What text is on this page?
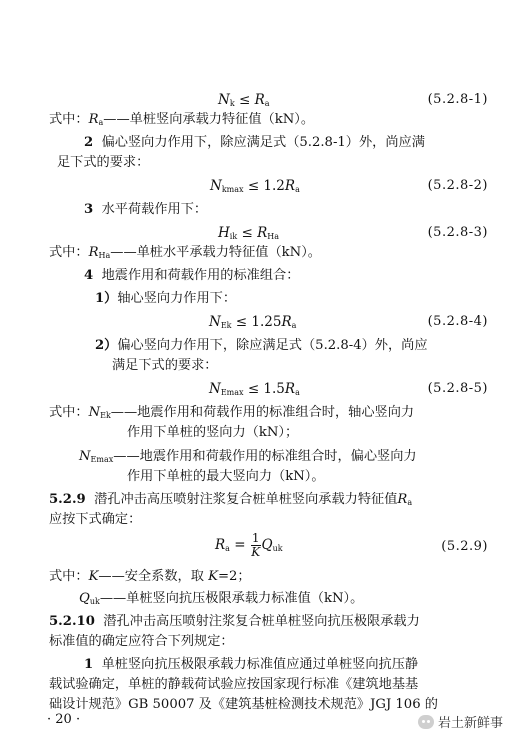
$N_k \le R_a$	(5.2.8-1)
式中：$R_a——$单桩竖向承载力特征值（kN）。
2 偏心竖向力作用下，除应满足式（5.2.8-1）外，尚应满
足下式的要求：
$N_{kmax} \le 1.2R_a$	(5.2.8-2)
3 水平荷载作用下：
$H_{ik} \le R_{Ha}$	(5.2.8-3)
式中：$R_{Ha}——$单桩水平承载力特征值（kN）。
4 地震作用和荷载作用的标准组合：
1）轴心竖向力作用下：
$N_{Ek} \le 1.25R_a$	(5.2.8-4)
2）偏心竖向力作用下，除应满足式（5.2.8-4）外，尚应
满足下式的要求：
$N_{Emax} \le 1.5R_a$	(5.2.8-5)
式中：$N_{Ek}——$地震作用和荷载作用的标准组合时，轴心竖向力
作用下单桩的竖向力（kN）；
$N_{Emax}——$地震作用和荷载作用的标准组合时，偏心竖向力
作用下单桩的最大竖向力（kN）。
5.2.9 潜孔冲击高压喷射注浆复合桩单桩竖向承载力特征值$R_a$
应按下式确定：
$R_a = \frac{1}{K} Q_{uk}$	(5.2.9)
式中：K——安全系数，取 K=2；
$Q_{uk}——$单桩竖向抗压极限承载力标准值（kN）。
5.2.10 潜孔冲击高压喷射注浆复合桩单桩竖向抗压极限承载力
标准值的确定应符合下列规定：
1 单桩竖向抗压极限承载力标准值应通过单桩竖向抗压静
载试验确定，单桩的静载荷试验应按国家现行标准《建筑地基基
础设计规范》GB 50007 及《建筑基桩检测技术规范》JGJ 106 的
· 20 ·	岩土新鲜事
